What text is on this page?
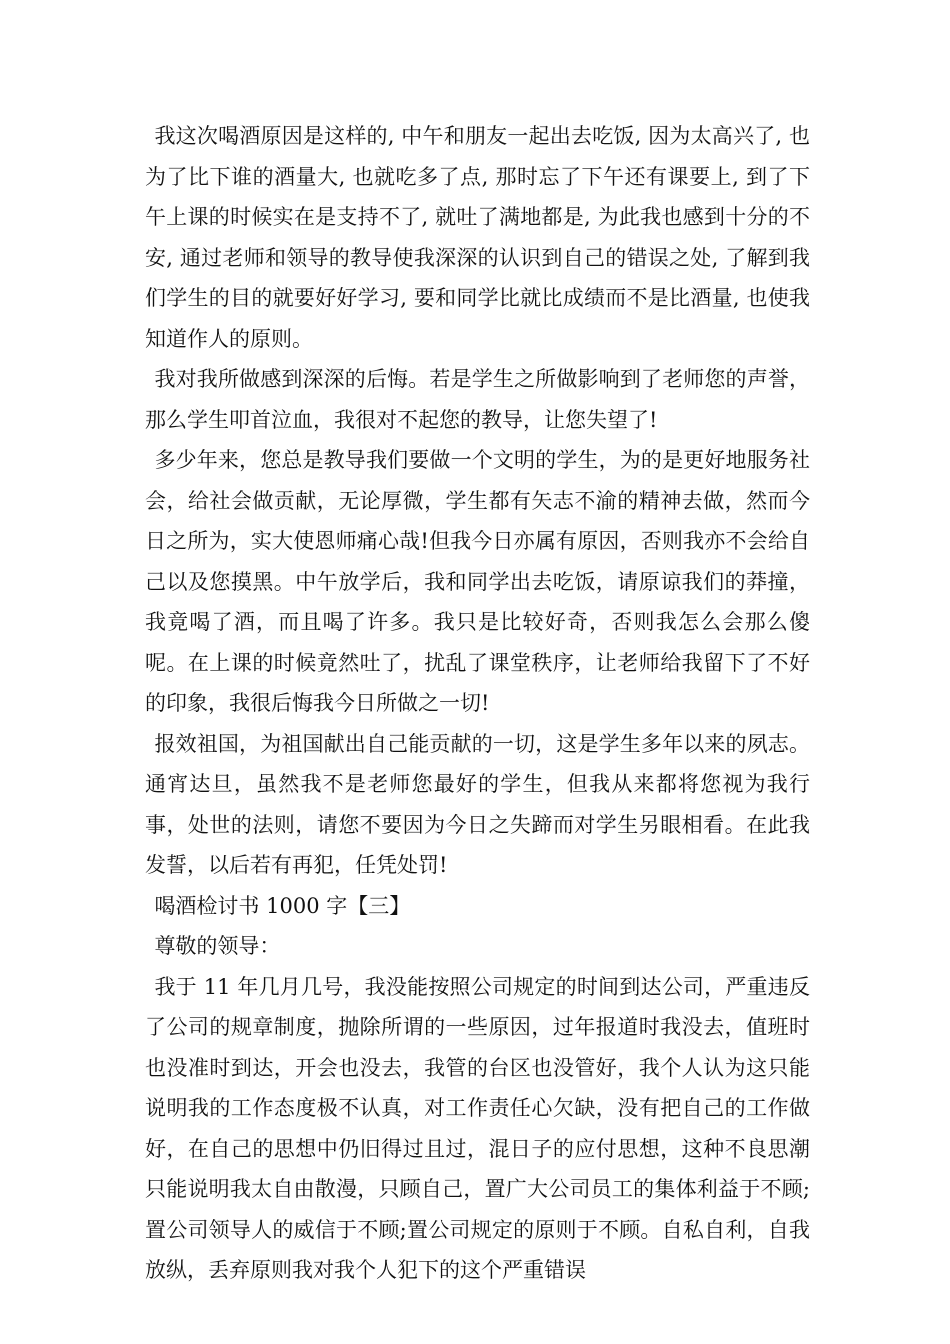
我这次喝酒原因是这样的, 中午和朋友一起出去吃饭, 因为太高兴了, 也为了比下谁的酒量大, 也就吃多了点, 那时忘了下午还有课要上, 到了下午上课的时候实在是支持不了, 就吐了满地都是, 为此我也感到十分的不安, 通过老师和领导的教导使我深深的认识到自己的错误之处, 了解到我们学生的目的就要好好学习, 要和同学比就比成绩而不是比酒量, 也使我知道作人的原则。

我对我所做感到深深的后悔。若是学生之所做影响到了老师您的声誉，那么学生叩首泣血，我很对不起您的教导，让您失望了!

多少年来，您总是教导我们要做一个文明的学生，为的是更好地服务社会，给社会做贡献，无论厚微，学生都有矢志不渝的精神去做，然而今日之所为，实大使恩师痛心哉!但我今日亦属有原因，否则我亦不会给自己以及您摸黑。中午放学后，我和同学出去吃饭，请原谅我们的莽撞，我竟喝了酒，而且喝了许多。我只是比较好奇，否则我怎么会那么傻呢。在上课的时候竟然吐了，扰乱了课堂秩序，让老师给我留下了不好的印象，我很后悔我今日所做之一切!

报效祖国，为祖国献出自己能贡献的一切，这是学生多年以来的夙志。通宵达旦，虽然我不是老师您最好的学生，但我从来都将您视为我行事，处世的法则，请您不要因为今日之失蹄而对学生另眼相看。在此我发誓，以后若有再犯，任凭处罚!

喝酒检讨书 1000 字【三】

尊敬的领导：

我于 11 年几月几号，我没能按照公司规定的时间到达公司，严重违反了公司的规章制度，抛除所谓的一些原因，过年报道时我没去，值班时也没准时到达，开会也没去，我管的台区也没管好，我个人认为这只能说明我的工作态度极不认真，对工作责任心欠缺，没有把自己的工作做好，在自己的思想中仍旧得过且过，混日子的应付思想，这种不良思潮只能说明我太自由散漫，只顾自己，置广大公司员工的集体利益于不顾;置公司领导人的威信于不顾;置公司规定的原则于不顾。自私自利，自我放纵，丢弃原则我对我个人犯下的这个严重错误
